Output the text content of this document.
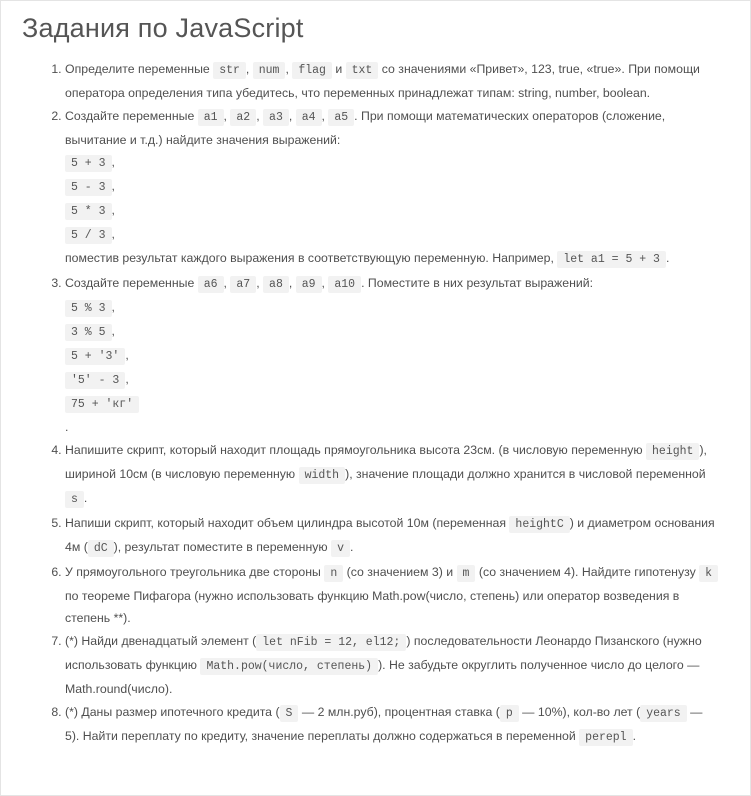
Задания по JavaScript
1. Определите переменные str , num , flag и txt со значениями «Привет», 123, true, «true». При помощи оператора определения типа убедитесь, что переменных принадлежат типам: string, number, boolean.
2. Создайте переменные a1 , a2 , a3 , a4 , a5 . При помощи математических операторов (сложение, вычитание и т.д.) найдите значения выражений:
5 + 3 ,
5 - 3 ,
5 * 3 ,
5 / 3 ,
поместив результат каждого выражения в соответствующую переменную. Например, let a1 = 5 + 3 .
3. Создайте переменные a6 , a7 , a8 , a9 , a10 . Поместите в них результат выражений:
5 % 3 ,
3 % 5 ,
5 + '3' ,
'5' - 3 ,
75 + 'кг'
.
4. Напишите скрипт, который находит площадь прямоугольника высота 23см. (в числовую переменную height ), шириной 10см (в числовую переменную width ), значение площади должно хранится в числовой переменной s .
5. Напиши скрипт, который находит объем цилиндра высотой 10м (переменная heightC ) и диаметром основания 4м ( dC ), результат поместите в переменную v .
6. У прямоугольного треугольника две стороны n (со значением 3) и m (со значением 4). Найдите гипотенузу k по теореме Пифагора (нужно использовать функцию Math.pow(число, степень) или оператор возведения в степень **).
7. (*) Найди двенадцатый элемент ( let nFib = 12, el12; ) последовательности Леонардо Пизанского (нужно использовать функцию Math.pow(число, степень) ). Не забудьте округлить полученное число до целого — Math.round(число).
8. (*) Даны размер ипотечного кредита ( S — 2 млн.руб), процентная ставка ( p — 10%), кол-во лет ( years — 5). Найти переплату по кредиту, значение переплаты должно содержаться в переменной perepl .
